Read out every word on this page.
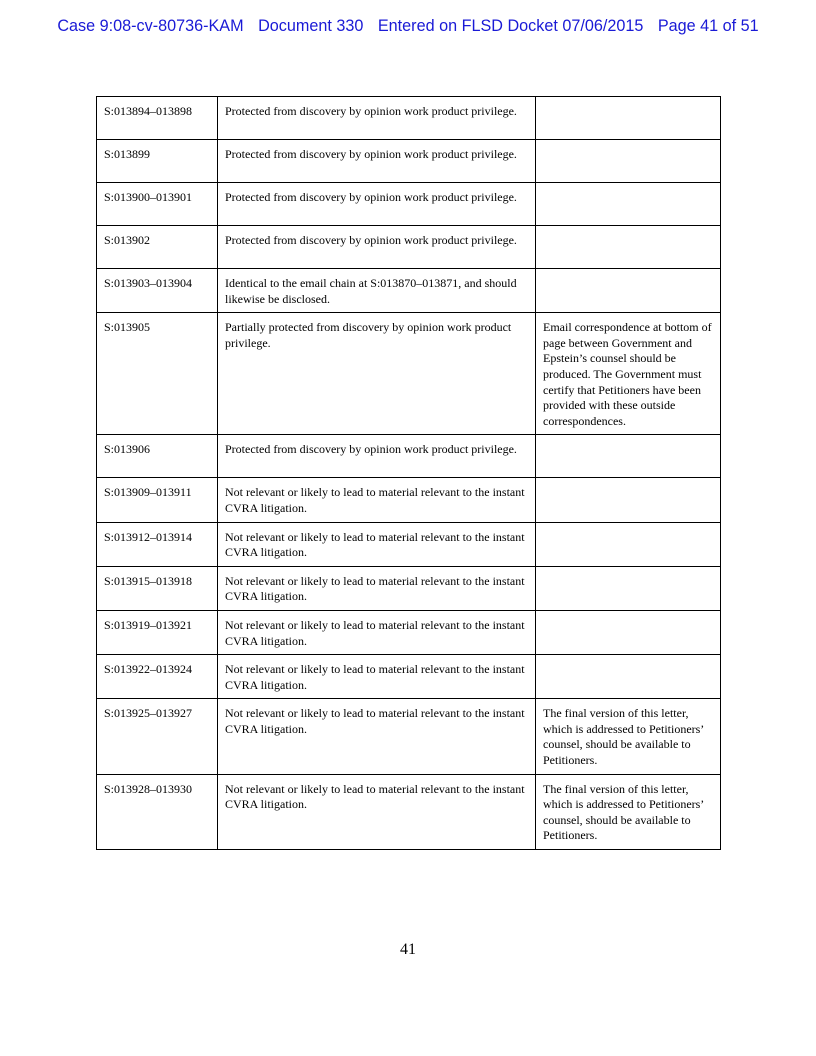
Case 9:08-cv-80736-KAM Document 330 Entered on FLSD Docket 07/06/2015 Page 41 of 51
S:013894–013898	Protected from discovery by opinion work product privilege.	
S:013899	Protected from discovery by opinion work product privilege.	
S:013900–013901	Protected from discovery by opinion work product privilege.	
S:013902	Protected from discovery by opinion work product privilege.	
S:013903–013904	Identical to the email chain at S:013870–013871, and should likewise be disclosed.	
S:013905	Partially protected from discovery by opinion work product privilege.	Email correspondence at bottom of page between Government and Epstein’s counsel should be produced. The Government must certify that Petitioners have been provided with these outside correspondences.
S:013906	Protected from discovery by opinion work product privilege.	
S:013909–013911	Not relevant or likely to lead to material relevant to the instant CVRA litigation.	
S:013912–013914	Not relevant or likely to lead to material relevant to the instant CVRA litigation.	
S:013915–013918	Not relevant or likely to lead to material relevant to the instant CVRA litigation.	
S:013919–013921	Not relevant or likely to lead to material relevant to the instant CVRA litigation.	
S:013922–013924	Not relevant or likely to lead to material relevant to the instant CVRA litigation.	
S:013925–013927	Not relevant or likely to lead to material relevant to the instant CVRA litigation.	The final version of this letter, which is addressed to Petitioners’ counsel, should be available to Petitioners.
S:013928–013930	Not relevant or likely to lead to material relevant to the instant CVRA litigation.	The final version of this letter, which is addressed to Petitioners’ counsel, should be available to Petitioners.
41
